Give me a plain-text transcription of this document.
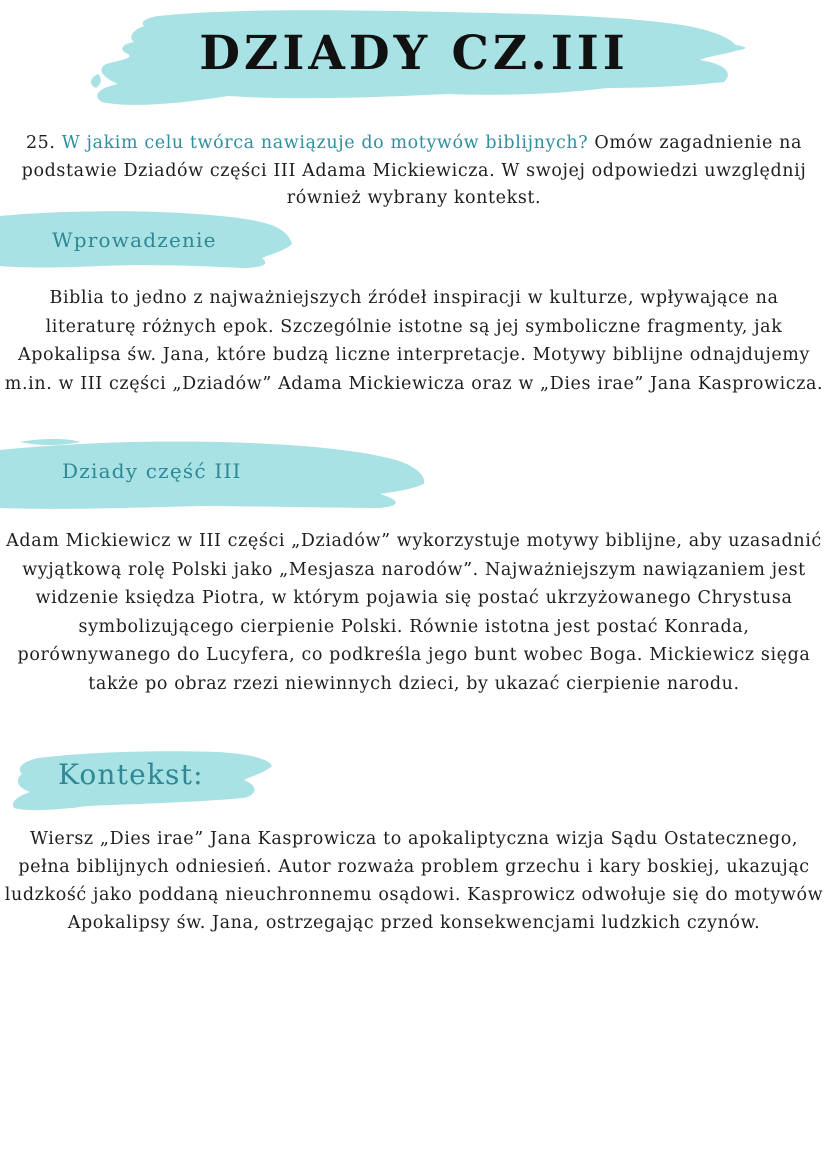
DZIADY CZ.III

25. W jakim celu twórca nawiązuje do motywów biblijnych? Omów zagadnienie na podstawie Dziadów części III Adama Mickiewicza. W swojej odpowiedzi uwzględnij również wybrany kontekst.

Wprowadzenie

Biblia to jedno z najważniejszych źródeł inspiracji w kulturze, wpływające na literaturę różnych epok. Szczególnie istotne są jej symboliczne fragmenty, jak Apokalipsa św. Jana, które budzą liczne interpretacje. Motywy biblijne odnajdujemy m.in. w III części „Dziadów” Adama Mickiewicza oraz w „Dies irae” Jana Kasprowicza.

Dziady część III

Adam Mickiewicz w III części „Dziadów” wykorzystuje motywy biblijne, aby uzasadnić wyjątkową rolę Polski jako „Mesjasza narodów”. Najważniejszym nawiązaniem jest widzenie księdza Piotra, w którym pojawia się postać ukrzyżowanego Chrystusa symbolizującego cierpienie Polski. Równie istotna jest postać Konrada, porównywanego do Lucyfera, co podkreśla jego bunt wobec Boga. Mickiewicz sięga także po obraz rzezi niewinnych dzieci, by ukazać cierpienie narodu.

Kontekst:

Wiersz „Dies irae” Jana Kasprowicza to apokaliptyczna wizja Sądu Ostatecznego, pełna biblijnych odniesień. Autor rozważa problem grzechu i kary boskiej, ukazując ludzkość jako poddaną nieuchronnemu osądowi. Kasprowicz odwołuje się do motywów Apokalipsy św. Jana, ostrzegając przed konsekwencjami ludzkich czynów.
